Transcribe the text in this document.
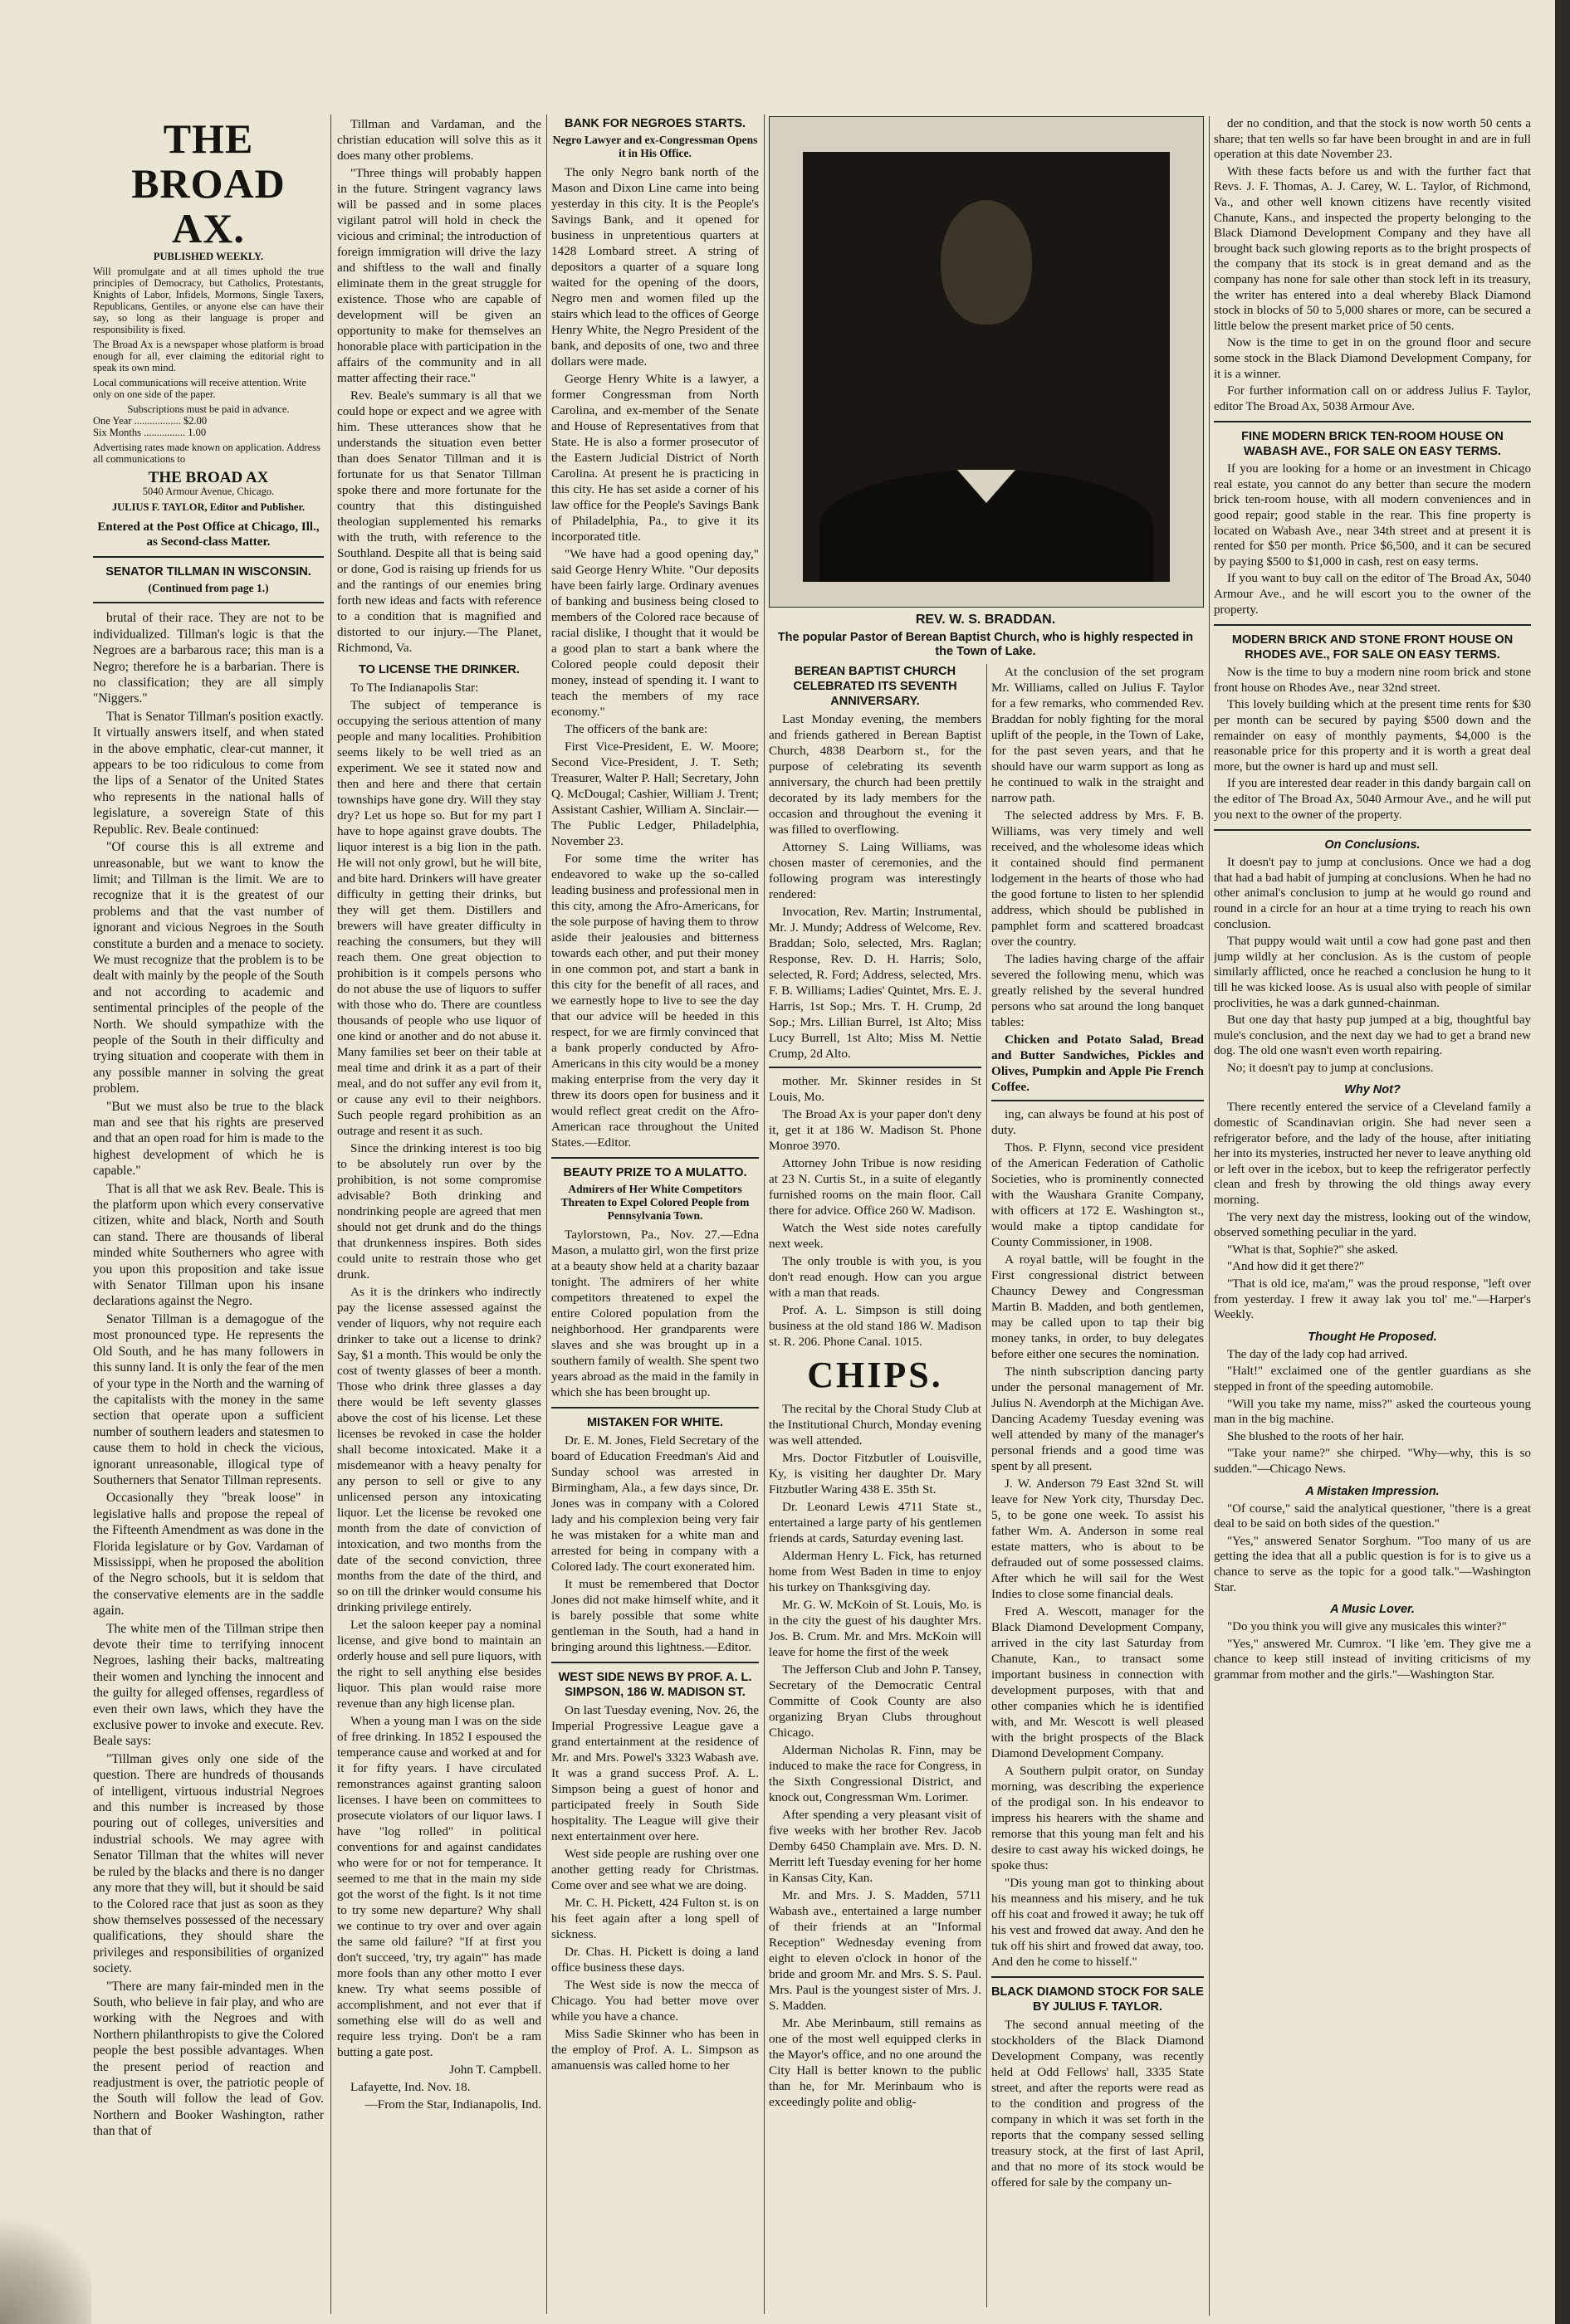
THE BROAD AX.
PUBLISHED WEEKLY.
Will promulgate and at all times uphold the true principles of Democracy, but Catholics, Protestants, Knights of Labor, Infidels, Mormons, Single Taxers, Republicans, Gentiles, or anyone else can have their say, so long as their language is proper and responsibility is fixed.
The Broad Ax is a newspaper whose platform is broad enough for all, ever claiming the editorial right to speak its own mind.
Local communications will receive attention. Write only on one side of the paper.
Subscriptions must be paid in advance.
One Year .................. $2.00
Six Months ................ 1.00
Advertising rates made known on application. Address all communications to
THE BROAD AX
5040 Armour Avenue, Chicago.
JULIUS F. TAYLOR, Editor and Publisher.
Entered at the Post Office at Chicago, Ill., as Second-class Matter.
SENATOR TILLMAN IN WISCONSIN.
(Continued from page 1.)

brutal of their race. They are not to be individualized. Tillman's logic is that the Negroes are a barbarous race; this man is a Negro; therefore he is a barbarian. There is no classification; they are all simply "Niggers."

That is Senator Tillman's position exactly. It virtually answers itself, and when stated in the above emphatic, clear-cut manner, it appears to be too ridiculous to come from the lips of a Senator of the United States who represents in the national halls of legislature, a sovereign State of this Republic. Rev. Beale continued:

"Of course this is all extreme and unreasonable, but we want to know the limit; and Tillman is the limit. We are to recognize that it is the greatest of our problems and that the vast number of ignorant and vicious Negroes in the South constitute a burden and a menace to society. We must recognize that the problem is to be dealt with mainly by the people of the South and not according to academic and sentimental principles of the people of the North. We should sympathize with the people of the South in their difficulty and trying situation and cooperate with them in any possible manner in solving the great problem.

"But we must also be true to the black man and see that his rights are preserved and that an open road for him is made to the highest development of which he is capable."

That is all that we ask Rev. Beale. This is the platform upon which every conservative citizen, white and black, North and South can stand. There are thousands of liberal minded white Southerners who agree with you upon this proposition and take issue with Senator Tillman upon his insane declarations against the Negro.

Senator Tillman is a demagogue of the most pronounced type. He represents the Old South, and he has many followers in this sunny land. It is only the fear of the men of your type in the North and the warning of the capitalists with the money in the same section that operate upon a sufficient number of southern leaders and statesmen to cause them to hold in check the vicious, ignorant unreasonable, illogical type of Southerners that Senator Tillman represents.

Occasionally they "break loose" in legislative halls and propose the repeal of the Fifteenth Amendment as was done in the Florida legislature or by Gov. Vardaman of Mississippi, when he proposed the abolition of the Negro schools, but it is seldom that the conservative elements are in the saddle again.

The white men of the Tillman stripe then devote their time to terrifying innocent Negroes, lashing their backs, maltreating their women and lynching the innocent and the guilty for alleged offenses, regardless of even their own laws, which they have the exclusive power to invoke and execute. Rev. Beale says:

"Tillman gives only one side of the question. There are hundreds of thousands of intelligent, virtuous industrial Negroes and this number is increased by those pouring out of colleges, universities and industrial schools. We may agree with Senator Tillman that the whites will never be ruled by the blacks and there is no danger any more that they will, but it should be said to the Colored race that just as soon as they show themselves possessed of the necessary qualifications, they should share the privileges and responsibilities of organized society.

"There are many fair-minded men in the South, who believe in fair play, and who are working with the Negroes and with Northern philanthropists to give the Colored people the best possible advantages. When the present period of reaction and readjustment is over, the patriotic people of the South will follow the lead of Gov. Northern and Booker Washington, rather than that of

Tillman and Vardaman, and the christian education will solve this as it does many other problems.

"Three things will probably happen in the future. Stringent vagrancy laws will be passed and in some places vigilant patrol will hold in check the vicious and criminal; the introduction of foreign immigration will drive the lazy and shiftless to the wall and finally eliminate them in the great struggle for existence. Those who are capable of development will be given an opportunity to make for themselves an honorable place with participation in the affairs of the community and in all matter affecting their race."

Rev. Beale's summary is all that we could hope or expect and we agree with him. These utterances show that he understands the situation even better than does Senator Tillman and it is fortunate for us that Senator Tillman spoke there and more fortunate for the country that this distinguished theologian supplemented his remarks with the truth, with reference to the Southland. Despite all that is being said or done, God is raising up friends for us and the rantings of our enemies bring forth new ideas and facts with reference to a condition that is magnified and distorted to our injury.—The Planet, Richmond, Va.

TO LICENSE THE DRINKER.

To The Indianapolis Star:

The subject of temperance is occupying the serious attention of many people and many localities. Prohibition seems likely to be well tried as an experiment. We see it stated now and then and here and there that certain townships have gone dry. Will they stay dry? Let us hope so. But for my part I have to hope against grave doubts. The liquor interest is a big lion in the path. He will not only growl, but he will bite, and bite hard. Drinkers will have greater difficulty in getting their drinks, but they will get them. Distillers and brewers will have greater difficulty in reaching the consumers, but they will reach them. One great objection to prohibition is it compels persons who do not abuse the use of liquors to suffer with those who do. There are countless thousands of people who use liquor of one kind or another and do not abuse it. Many families set beer on their table at meal time and drink it as a part of their meal, and do not suffer any evil from it, or cause any evil to their neighbors. Such people regard prohibition as an outrage and resent it as such.

Since the drinking interest is too big to be absolutely run over by the prohibition, is not some compromise advisable? Both drinking and nondrinking people are agreed that men should not get drunk and do the things that drunkenness inspires. Both sides could unite to restrain those who get drunk.

As it is the drinkers who indirectly pay the license assessed against the vender of liquors, why not require each drinker to take out a license to drink? Say, $1 a month. This would be only the cost of twenty glasses of beer a month. Those who drink three glasses a day there would be left seventy glasses above the cost of his license. Let these licenses be revoked in case the holder shall become intoxicated. Make it a misdemeanor with a heavy penalty for any person to sell or give to any unlicensed person any intoxicating liquor. Let the license be revoked one month from the date of conviction of intoxication, and two months from the date of the second conviction, three months from the date of the third, and so on till the drinker would consume his drinking privilege entirely.

Let the saloon keeper pay a nominal license, and give bond to maintain an orderly house and sell pure liquors, with the right to sell anything else besides liquor. This plan would raise more revenue than any high license plan.

When a young man I was on the side of free drinking. In 1852 I espoused the temperance cause and worked at and for it for fifty years. I have circulated remonstrances against granting saloon licenses. I have been on committees to prosecute violators of our liquor laws. I have "log rolled" in political conventions for and against candidates who were for or not for temperance. It seemed to me that in the main my side got the worst of the fight. Is it not time to try some new departure? Why shall we continue to try over and over again the same old failure? "If at first you don't succeed, 'try, try again'" has made more fools than any other motto I ever knew. Try what seems possible of accomplishment, and not ever that if something else will do as well and require less trying. Don't be a ram butting a gate post.

John T. Campbell.

Lafayette, Ind. Nov. 18.

—From the Star, Indianapolis, Ind.

BANK FOR NEGROES STARTS.
Negro Lawyer and ex-Congressman Opens it in His Office.

The only Negro bank north of the Mason and Dixon Line came into being yesterday in this city. It is the People's Savings Bank, and it opened for business in unpretentious quarters at 1428 Lombard street. A string of depositors a quarter of a square long waited for the opening of the doors, Negro men and women filed up the stairs which lead to the offices of George Henry White, the Negro President of the bank, and deposits of one, two and three dollars were made.

George Henry White is a lawyer, a former Congressman from North Carolina, and ex-member of the Senate and House of Representatives from that State. He is also a former prosecutor of the Eastern Judicial District of North Carolina. At present he is practicing in this city. He has set aside a corner of his law office for the People's Savings Bank of Philadelphia, Pa., to give it its incorporated title.

"We have had a good opening day," said George Henry White. "Our deposits have been fairly large. Ordinary avenues of banking and business being closed to members of the Colored race because of racial dislike, I thought that it would be a good plan to start a bank where the Colored people could deposit their money, instead of spending it. I want to teach the members of my race economy."

The officers of the bank are:

First Vice-President, E. W. Moore; Second Vice-President, J. T. Seth; Treasurer, Walter P. Hall; Secretary, John Q. McDougal; Cashier, William J. Trent; Assistant Cashier, William A. Sinclair.—The Public Ledger, Philadelphia, November 23.

For some time the writer has endeavored to wake up the so-called leading business and professional men in this city, among the Afro-Americans, for the sole purpose of having them to throw aside their jealousies and bitterness towards each other, and put their money in one common pot, and start a bank in this city for the benefit of all races, and we earnestly hope to live to see the day that our advice will be heeded in this respect, for we are firmly convinced that a bank properly conducted by Afro-Americans in this city would be a money making enterprise from the very day it threw its doors open for business and it would reflect great credit on the Afro-American race throughout the United States.—Editor.

BEAUTY PRIZE TO A MULATTO.
Admirers of Her White Competitors Threaten to Expel Colored People from Pennsylvania Town.

Taylorstown, Pa., Nov. 27.—Edna Mason, a mulatto girl, won the first prize at a beauty show held at a charity bazaar tonight. The admirers of her white competitors threatened to expel the entire Colored population from the neighborhood. Her grandparents were slaves and she was brought up in a southern family of wealth. She spent two years abroad as the maid in the family in which she has been brought up.

MISTAKEN FOR WHITE.

Dr. E. M. Jones, Field Secretary of the board of Education Freedman's Aid and Sunday school was arrested in Birmingham, Ala., a few days since, Dr. Jones was in company with a Colored lady and his complexion being very fair he was mistaken for a white man and arrested for being in company with a Colored lady. The court exonerated him.

It must be remembered that Doctor Jones did not make himself white, and it is barely possible that some white gentleman in the South, had a hand in bringing around this lightness.—Editor.

WEST SIDE NEWS BY PROF. A. L. SIMPSON, 186 W. MADISON ST.

On last Tuesday evening, Nov. 26, the Imperial Progressive League gave a grand entertainment at the residence of Mr. and Mrs. Powel's 3323 Wabash ave. It was a grand success Prof. A. L. Simpson being a guest of honor and participated freely in South Side hospitality. The League will give their next entertainment over here.

West side people are rushing over one another getting ready for Christmas. Come over and see what we are doing.

Mr. C. H. Pickett, 424 Fulton st. is on his feet again after a long spell of sickness.

Dr. Chas. H. Pickett is doing a land office business these days.

The West side is now the mecca of Chicago. You had better move over while you have a chance.

Miss Sadie Skinner who has been in the employ of Prof. A. L. Simpson as amanuensis was called home to her

REV. W. S. BRADDAN.
The popular Pastor of Berean Baptist Church, who is highly respected in the Town of Lake.
BEREAN BAPTIST CHURCH CELEBRATED ITS SEVENTH ANNIVERSARY.

Last Monday evening, the members and friends gathered in Berean Baptist Church, 4838 Dearborn st., for the purpose of celebrating its seventh anniversary, the church had been prettily decorated by its lady members for the occasion and throughout the evening it was filled to overflowing.

Attorney S. Laing Williams, was chosen master of ceremonies, and the following program was interestingly rendered:

Invocation, Rev. Martin; Instrumental, Mr. J. Mundy; Address of Welcome, Rev. Braddan; Solo, selected, Mrs. Raglan; Response, Rev. D. H. Harris; Solo, selected, R. Ford; Address, selected, Mrs. F. B. Williams; Ladies' Quintet, Mrs. E. J. Harris, 1st Sop.; Mrs. T. H. Crump, 2d Sop.; Mrs. Lillian Burrel, 1st Alto; Miss Lucy Burrell, 1st Alto; Miss M. Nettie Crump, 2d Alto.

mother. Mr. Skinner resides in St Louis, Mo.

The Broad Ax is your paper don't deny it, get it at 186 W. Madison St. Phone Monroe 3970.

Attorney John Tribue is now residing at 23 N. Curtis St., in a suite of elegantly furnished rooms on the main floor. Call there for advice. Office 260 W. Madison.

Watch the West side notes carefully next week.

The only trouble is with you, is you don't read enough. How can you argue with a man that reads.

Prof. A. L. Simpson is still doing business at the old stand 186 W. Madison st. R. 206. Phone Canal. 1015.

CHIPS.

The recital by the Choral Study Club at the Institutional Church, Monday evening was well attended.

Mrs. Doctor Fitzbutler of Louisville, Ky, is visiting her daughter Dr. Mary Fitzbutler Waring 438 E. 35th St.

Dr. Leonard Lewis 4711 State st., entertained a large party of his gentlemen friends at cards, Saturday evening last.

Alderman Henry L. Fick, has returned home from West Baden in time to enjoy his turkey on Thanksgiving day.

Mr. G. W. McKoin of St. Louis, Mo. is in the city the guest of his daughter Mrs. Jos. B. Crum. Mr. and Mrs. McKoin will leave for home the first of the week

The Jefferson Club and John P. Tansey, Secretary of the Democratic Central Committe of Cook County are also organizing Bryan Clubs throughout Chicago.

Alderman Nicholas R. Finn, may be induced to make the race for Congress, in the Sixth Congressional District, and knock out, Congressman Wm. Lorimer.

After spending a very pleasant visit of five weeks with her brother Rev. Jacob Demby 6450 Champlain ave. Mrs. D. N. Merritt left Tuesday evening for her home in Kansas City, Kan.

Mr. and Mrs. J. S. Madden, 5711 Wabash ave., entertained a large number of their friends at an "Informal Reception" Wednesday evening from eight to eleven o'clock in honor of the bride and groom Mr. and Mrs. S. S. Paul. Mrs. Paul is the youngest sister of Mrs. J. S. Madden.

Mr. Abe Merinbaum, still remains as one of the most well equipped clerks in the Mayor's office, and no one around the City Hall is better known to the public than he, for Mr. Merinbaum who is exceedingly polite and oblig-

At the conclusion of the set program Mr. Williams, called on Julius F. Taylor for a few remarks, who commended Rev. Braddan for nobly fighting for the moral uplift of the people, in the Town of Lake, for the past seven years, and that he should have our warm support as long as he continued to walk in the straight and narrow path.

The selected address by Mrs. F. B. Williams, was very timely and well received, and the wholesome ideas which it contained should find permanent lodgement in the hearts of those who had the good fortune to listen to her splendid address, which should be published in pamphlet form and scattered broadcast over the country.

The ladies having charge of the affair severed the following menu, which was greatly relished by the several hundred persons who sat around the long banquet tables:

Chicken and Potato Salad, Bread and Butter Sandwiches, Pickles and Olives, Pumpkin and Apple Pie French Coffee.

ing, can always be found at his post of duty.

Thos. P. Flynn, second vice president of the American Federation of Catholic Societies, who is prominently connected with the Waushara Granite Company, with officers at 172 E. Washington st., would make a tiptop candidate for County Commissioner, in 1908.

A royal battle, will be fought in the First congressional district between Chauncy Dewey and Congressman Martin B. Madden, and both gentlemen, may be called upon to tap their big money tanks, in order, to buy delegates before either one secures the nomination.

The ninth subscription dancing party under the personal management of Mr. Julius N. Avendorph at the Michigan Ave. Dancing Academy Tuesday evening was well attended by many of the manager's personal friends and a good time was spent by all present.

J. W. Anderson 79 East 32nd St. will leave for New York city, Thursday Dec. 5, to be gone one week. To assist his father Wm. A. Anderson in some real estate matters, who is about to be defrauded out of some possessed claims. After which he will sail for the West Indies to close some financial deals.

Fred A. Wescott, manager for the Black Diamond Development Company, arrived in the city last Saturday from Chanute, Kan., to transact some important business in connection with development purposes, with that and other companies which he is identified with, and Mr. Wescott is well pleased with the bright prospects of the Black Diamond Development Company.

A Southern pulpit orator, on Sunday morning, was describing the experience of the prodigal son. In his endeavor to impress his hearers with the shame and remorse that this young man felt and his desire to cast away his wicked doings, he spoke thus:

"Dis young man got to thinking about his meanness and his misery, and he tuk off his coat and frowed it away; he tuk off his vest and frowed dat away. And den he tuk off his shirt and frowed dat away, too. And den he come to hisself."

BLACK DIAMOND STOCK FOR SALE BY JULIUS F. TAYLOR.

The second annual meeting of the stockholders of the Black Diamond Development Company, was recently held at Odd Fellows' hall, 3335 State street, and after the reports were read as to the condition and progress of the company in which it was set forth in the reports that the company sessed selling treasury stock, at the first of last April, and that no more of its stock would be offered for sale by the company un-

der no condition, and that the stock is now worth 50 cents a share; that ten wells so far have been brought in and are in full operation at this date November 23.

With these facts before us and with the further fact that Revs. J. F. Thomas, A. J. Carey, W. L. Taylor, of Richmond, Va., and other well known citizens have recently visited Chanute, Kans., and inspected the property belonging to the Black Diamond Development Company and they have all brought back such glowing reports as to the bright prospects of the company that its stock is in great demand and as the company has none for sale other than stock left in its treasury, the writer has entered into a deal whereby Black Diamond stock in blocks of 50 to 5,000 shares or more, can be secured a little below the present market price of 50 cents.

Now is the time to get in on the ground floor and secure some stock in the Black Diamond Development Company, for it is a winner.

For further information call on or address Julius F. Taylor, editor The Broad Ax, 5038 Armour Ave.

FINE MODERN BRICK TEN-ROOM HOUSE ON WABASH AVE., FOR SALE ON EASY TERMS.

If you are looking for a home or an investment in Chicago real estate, you cannot do any better than secure the modern brick ten-room house, with all modern conveniences and in good repair; good stable in the rear. This fine property is located on Wabash Ave., near 34th street and at present it is rented for $50 per month. Price $6,500, and it can be secured by paying $500 to $1,000 in cash, rest on easy terms.

If you want to buy call on the editor of The Broad Ax, 5040 Armour Ave., and he will escort you to the owner of the property.

MODERN BRICK AND STONE FRONT HOUSE ON RHODES AVE., FOR SALE ON EASY TERMS.

Now is the time to buy a modern nine room brick and stone front house on Rhodes Ave., near 32nd street.

This lovely building which at the present time rents for $30 per month can be secured by paying $500 down and the remainder on easy of monthly payments, $4,000 is the reasonable price for this property and it is worth a great deal more, but the owner is hard up and must sell.

If you are interested dear reader in this dandy bargain call on the editor of The Broad Ax, 5040 Armour Ave., and he will put you next to the owner of the property.

On Conclusions.

It doesn't pay to jump at conclusions. Once we had a dog that had a bad habit of jumping at conclusions. When he had no other animal's conclusion to jump at he would go round and round in a circle for an hour at a time trying to reach his own conclusion.

That puppy would wait until a cow had gone past and then jump wildly at her conclusion. As is the custom of people similarly afflicted, once he reached a conclusion he hung to it till he was kicked loose. As is usual also with people of similar proclivities, he was a dark gunned-chainman.

But one day that hasty pup jumped at a big, thoughtful bay mule's conclusion, and the next day we had to get a brand new dog. The old one wasn't even worth repairing.

No; it doesn't pay to jump at conclusions.

Why Not?

There recently entered the service of a Cleveland family a domestic of Scandinavian origin. She had never seen a refrigerator before, and the lady of the house, after initiating her into its mysteries, instructed her never to leave anything old or left over in the icebox, but to keep the refrigerator perfectly clean and fresh by throwing the old things away every morning.

The very next day the mistress, looking out of the window, observed something peculiar in the yard.

"What is that, Sophie?" she asked.

"And how did it get there?"

"That is old ice, ma'am," was the proud response, "left over from yesterday. I frew it away lak you tol' me."—Harper's Weekly.

Thought He Proposed.

The day of the lady cop had arrived.

"Halt!" exclaimed one of the gentler guardians as she stepped in front of the speeding automobile.

"Will you take my name, miss?" asked the courteous young man in the big machine.

She blushed to the roots of her hair.

"Take your name?" she chirped. "Why—why, this is so sudden."—Chicago News.

A Mistaken Impression.

"Of course," said the analytical questioner, "there is a great deal to be said on both sides of the question."

"Yes," answered Senator Sorghum. "Too many of us are getting the idea that all a public question is for is to give us a chance to serve as the topic for a good talk."—Washington Star.

A Music Lover.

"Do you think you will give any musicales this winter?"

"Yes," answered Mr. Cumrox. "I like 'em. They give me a chance to keep still instead of inviting criticisms of my grammar from mother and the girls."—Washington Star.
